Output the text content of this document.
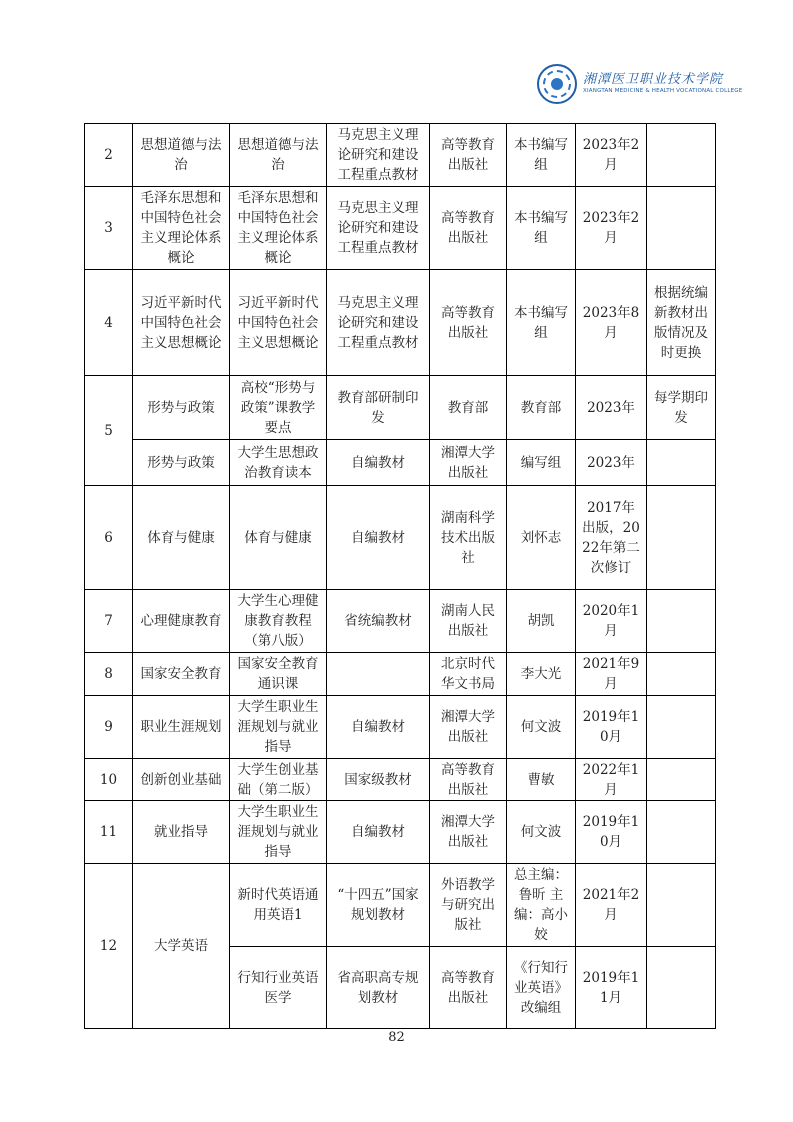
湘潭医卫职业技术学院
XIANGTAN MEDICINE & HEALTH VOCATIONAL COLLEGE
2	思想道德与法治	思想道德与法治	马克思主义理论研究和建设工程重点教材	高等教育出版社	本书编写组	2023年2月	
3	毛泽东思想和中国特色社会主义理论体系概论	毛泽东思想和中国特色社会主义理论体系概论	马克思主义理论研究和建设工程重点教材	高等教育出版社	本书编写组	2023年2月	
4	习近平新时代中国特色社会主义思想概论	习近平新时代中国特色社会主义思想概论	马克思主义理论研究和建设工程重点教材	高等教育出版社	本书编写组	2023年8月	根据统编新教材出版情况及时更换
5	形势与政策	高校“形势与政策”课教学要点	教育部研制印发	教育部	教育部	2023年	每学期印发
	形势与政策	大学生思想政治教育读本	自编教材	湘潭大学出版社	编写组	2023年	
6	体育与健康	体育与健康	自编教材	湖南科学技术出版社	刘怀志	2017年出版，2022年第二次修订	
7	心理健康教育	大学生心理健康教育教程（第八版）	省统编教材	湖南人民出版社	胡凯	2020年1月	
8	国家安全教育	国家安全教育通识课		北京时代华文书局	李大光	2021年9月	
9	职业生涯规划	大学生职业生涯规划与就业指导	自编教材	湘潭大学出版社	何文波	2019年10月	
10	创新创业基础	大学生创业基础（第二版）	国家级教材	高等教育出版社	曹敏	2022年1月	
11	就业指导	大学生职业生涯规划与就业指导	自编教材	湘潭大学出版社	何文波	2019年10月	
12	大学英语	新时代英语通用英语1	“十四五”国家规划教材	外语教学与研究出版社	总主编：鲁昕 主编：高小姣	2021年2月	
		行知行业英语医学	省高职高专规划教材	高等教育出版社	《行知行业英语》改编组	2019年11月	
82
